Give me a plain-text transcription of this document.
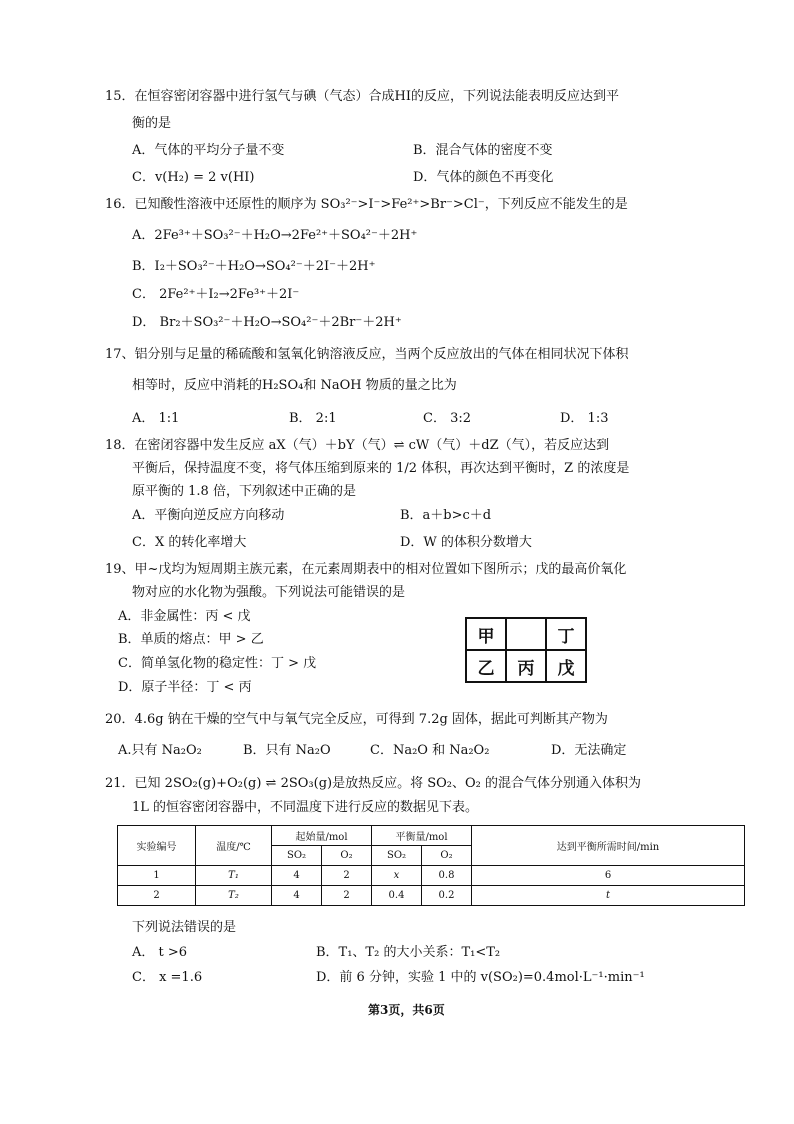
15．在恒容密闭容器中进行氢气与碘（气态）合成HI的反应，下列说法能表明反应达到平
衡的是
A．气体的平均分子量不变	B．混合气体的密度不变
C．v(H₂) = 2 v(HI)	D．气体的颜色不再变化
16．已知酸性溶液中还原性的顺序为 SO₃²⁻>I⁻>Fe²⁺>Br⁻>Cl⁻，下列反应不能发生的是
A．2Fe³⁺＋SO₃²⁻＋H₂O→2Fe²⁺＋SO₄²⁻＋2H⁺
B．I₂＋SO₃²⁻＋H₂O→SO₄²⁻＋2I⁻＋2H⁺
C． 2Fe²⁺＋I₂→2Fe³⁺＋2I⁻
D． Br₂＋SO₃²⁻＋H₂O→SO₄²⁻＋2Br⁻＋2H⁺
17、铝分别与足量的稀硫酸和氢氧化钠溶液反应，当两个反应放出的气体在相同状况下体积
相等时，反应中消耗的H₂SO₄和 NaOH 物质的量之比为
A． 1:1	B． 2:1	C． 3:2	D． 1:3
18．在密闭容器中发生反应 aX（气）＋bY（气）⇌ cW（气）＋dZ（气），若反应达到
平衡后，保持温度不变，将气体压缩到原来的 1/2 体积，再次达到平衡时，Z 的浓度是
原平衡的 1.8 倍，下列叙述中正确的是
A．平衡向逆反应方向移动	B．a＋b>c＋d
C．X 的转化率增大	D．W 的体积分数增大
19、甲~戊均为短周期主族元素，在元素周期表中的相对位置如下图所示；戊的最高价氧化
物对应的水化物为强酸。下列说法可能错误的是
A．非金属性：丙 < 戊
B．单质的熔点：甲 > 乙
C．简单氢化物的稳定性：丁 > 戊
D．原子半径：丁 < 丙
甲		丁
乙	丙	戊
20．4.6g 钠在干燥的空气中与氧气完全反应，可得到 7.2g 固体，据此可判断其产物为
A.只有 Na₂O₂	B．只有 Na₂O	C．Na₂O 和 Na₂O₂	D．无法确定
21．已知 2SO₂(g)+O₂(g) ⇌ 2SO₃(g)是放热反应。将 SO₂、O₂ 的混合气体分别通入体积为
1L 的恒容密闭容器中，不同温度下进行反应的数据见下表。
实验编号	温度/℃	起始量/mol		平衡量/mol		达到平衡所需时间/min
		SO₂	O₂	SO₂	O₂	
1	T₁	4	2	x	0.8	6
2	T₂	4	2	0.4	0.2	t
下列说法错误的是
A． t >6	B．T₁、T₂ 的大小关系：T₁<T₂
C． x =1.6	D．前 6 分钟，实验 1 中的 v(SO₂)=0.4mol·L⁻¹·min⁻¹
第3页，共6页
